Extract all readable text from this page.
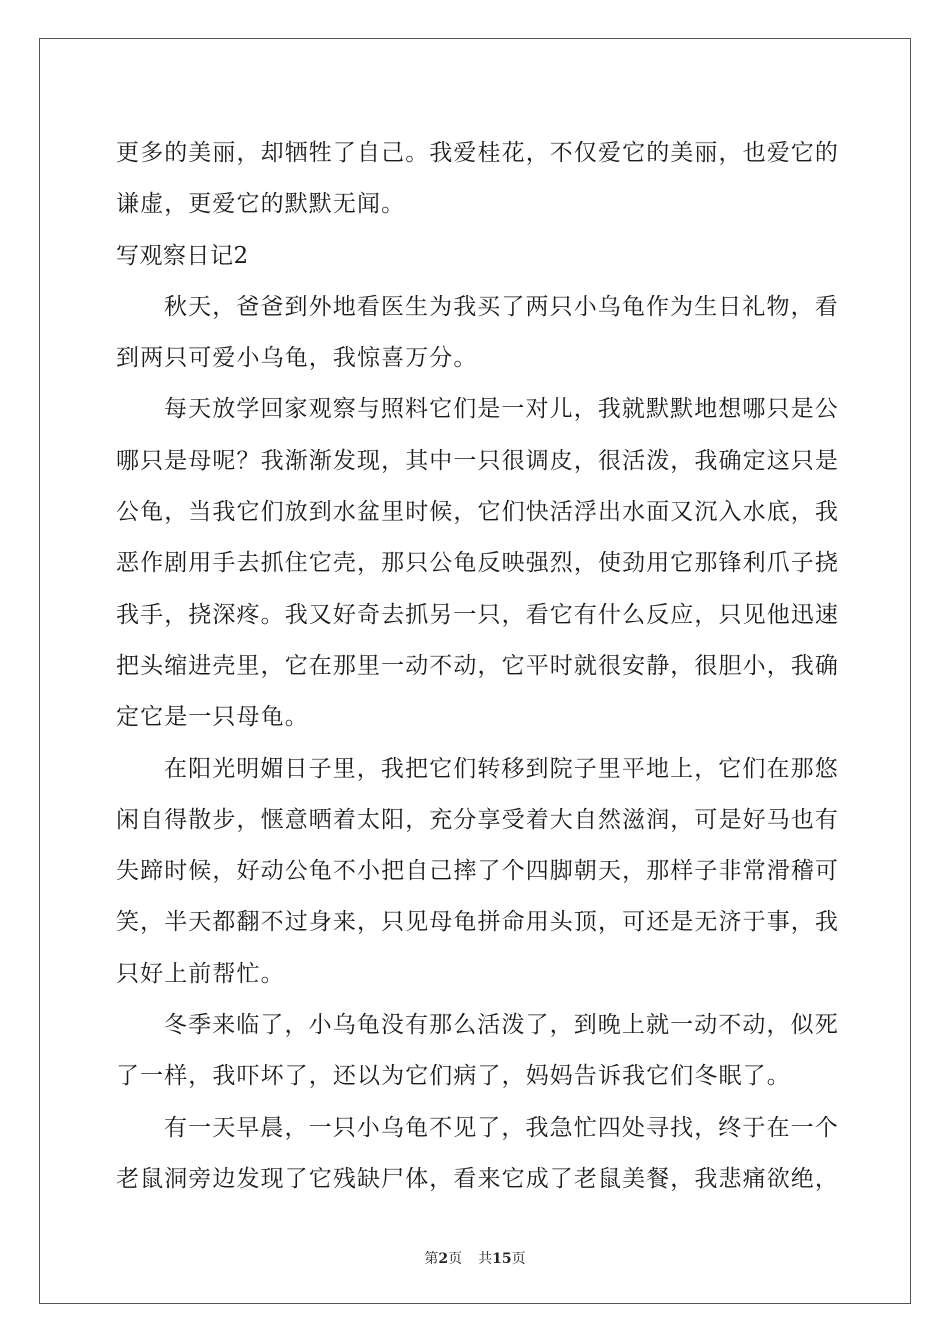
更多的美丽，却牺牲了自己。我爱桂花，不仅爱它的美丽，也爱它的
谦虚，更爱它的默默无闻。
写观察日记2
秋天，爸爸到外地看医生为我买了两只小乌龟作为生日礼物，看
到两只可爱小乌龟，我惊喜万分。
每天放学回家观察与照料它们是一对儿，我就默默地想哪只是公
哪只是母呢？我渐渐发现，其中一只很调皮，很活泼，我确定这只是
公龟，当我它们放到水盆里时候，它们快活浮出水面又沉入水底，我
恶作剧用手去抓住它壳，那只公龟反映强烈，使劲用它那锋利爪子挠
我手，挠深疼。我又好奇去抓另一只，看它有什么反应，只见他迅速
把头缩进壳里，它在那里一动不动，它平时就很安静，很胆小，我确
定它是一只母龟。
在阳光明媚日子里，我把它们转移到院子里平地上，它们在那悠
闲自得散步，惬意晒着太阳，充分享受着大自然滋润，可是好马也有
失蹄时候，好动公龟不小把自己摔了个四脚朝天，那样子非常滑稽可
笑，半天都翻不过身来，只见母龟拼命用头顶，可还是无济于事，我
只好上前帮忙。
冬季来临了，小乌龟没有那么活泼了，到晚上就一动不动，似死
了一样，我吓坏了，还以为它们病了，妈妈告诉我它们冬眠了。
有一天早晨，一只小乌龟不见了，我急忙四处寻找，终于在一个
老鼠洞旁边发现了它残缺尸体，看来它成了老鼠美餐，我悲痛欲绝，
第2页 共15页
